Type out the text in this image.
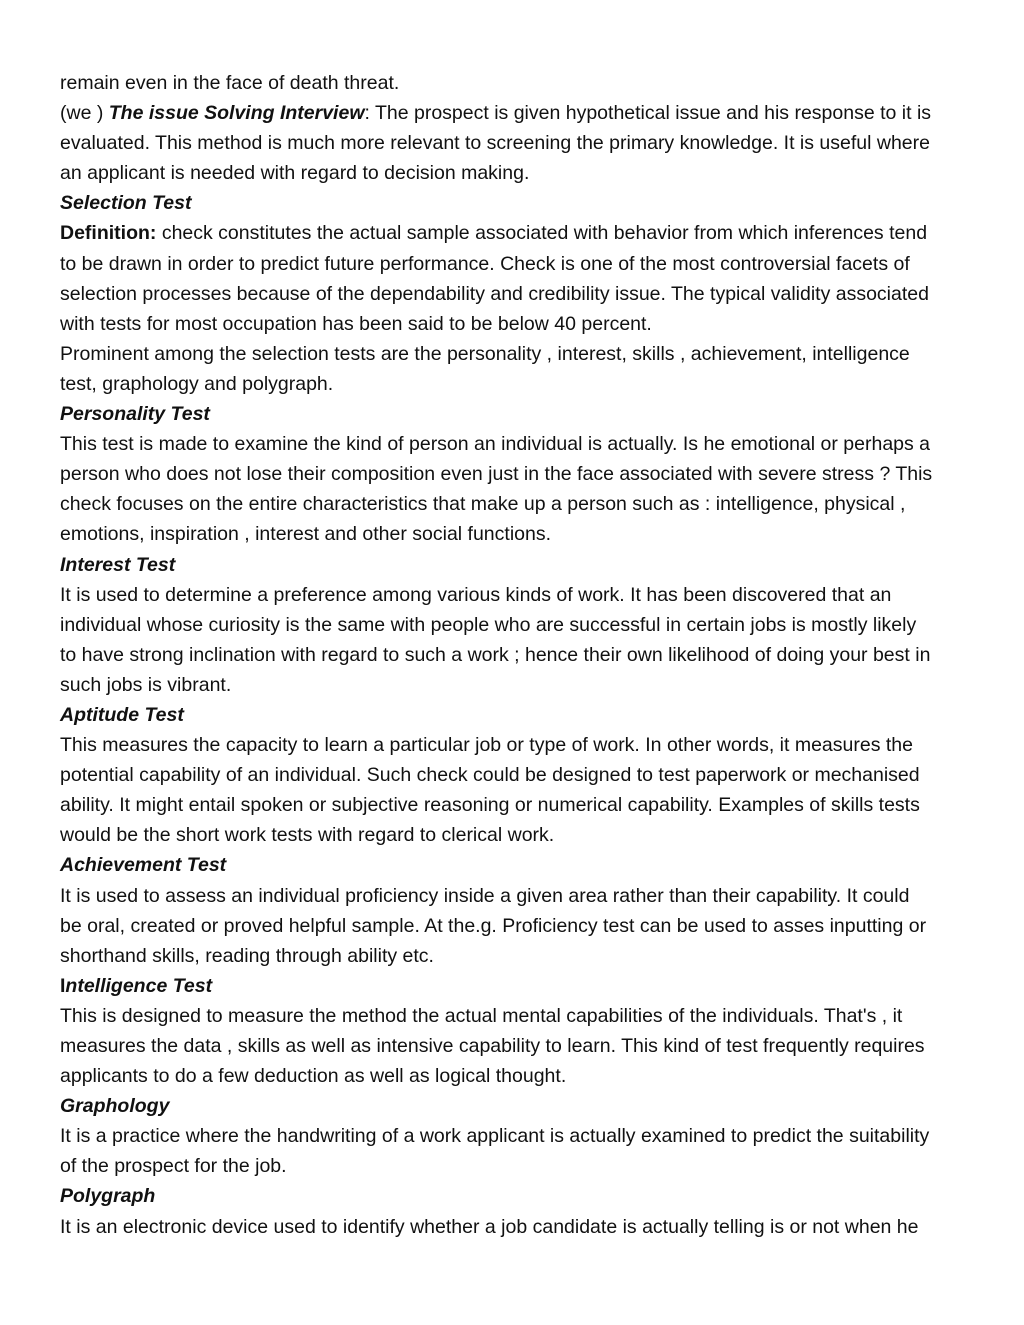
remain even in the face of death threat.
(we ) The issue Solving Interview: The prospect is given hypothetical issue and his response to it is
evaluated. This method is much more relevant to screening the primary knowledge. It is useful where
an applicant is needed with regard to decision making.
Selection Test
Definition: check constitutes the actual sample associated with behavior from which inferences tend
to be drawn in order to predict future performance. Check is one of the most controversial facets of
selection processes because of the dependability and credibility issue. The typical validity associated
with tests for most occupation has been said to be below 40 percent.
Prominent among the selection tests are the personality , interest, skills , achievement, intelligence
test, graphology and polygraph.
Personality Test
This test is made to examine the kind of person an individual is actually. Is he emotional or perhaps a
person who does not lose their composition even just in the face associated with severe stress ? This
check focuses on the entire characteristics that make up a person such as : intelligence, physical ,
emotions, inspiration , interest and other social functions.
Interest Test
It is used to determine a preference among various kinds of work. It has been discovered that an
individual whose curiosity is the same with people who are successful in certain jobs is mostly likely
to have strong inclination with regard to such a work ; hence their own likelihood of doing your best in
such jobs is vibrant.
Aptitude Test
This measures the capacity to learn a particular job or type of work. In other words, it measures the
potential capability of an individual. Such check could be designed to test paperwork or mechanised
ability. It might entail spoken or subjective reasoning or numerical capability. Examples of skills tests
would be the short work tests with regard to clerical work.
Achievement Test
It is used to assess an individual proficiency inside a given area rather than their capability. It could
be oral, created or proved helpful sample. At the.g. Proficiency test can be used to asses inputting or
shorthand skills, reading through ability etc.
Intelligence Test
This is designed to measure the method the actual mental capabilities of the individuals. That's , it
measures the data , skills as well as intensive capability to learn. This kind of test frequently requires
applicants to do a few deduction as well as logical thought.
Graphology
It is a practice where the handwriting of a work applicant is actually examined to predict the suitability
of the prospect for the job.
Polygraph
It is an electronic device used to identify whether a job candidate is actually telling is or not when he
